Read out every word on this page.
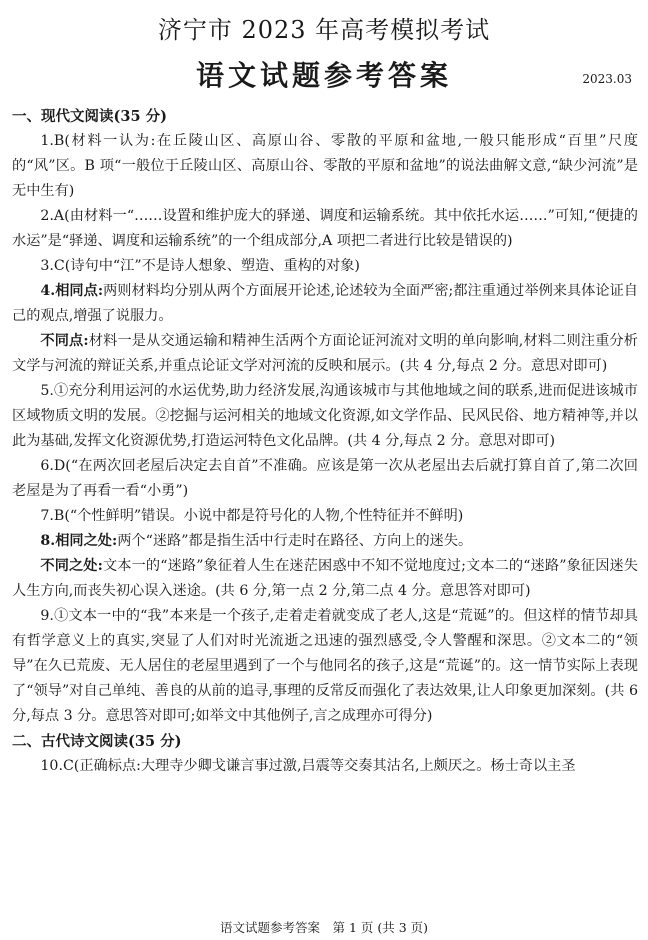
济宁市 2023 年高考模拟考试
语文试题参考答案	2023.03
一、现代文阅读(35 分)
1.B(材料一认为:在丘陵山区、高原山谷、零散的平原和盆地,一般只能形成“百里”尺度的“风”区。B 项“一般位于丘陵山区、高原山谷、零散的平原和盆地”的说法曲解文意,“缺少河流”是无中生有)
2.A(由材料一“……设置和维护庞大的驿递、调度和运输系统。其中依托水运……”可知,“便捷的水运”是“驿递、调度和运输系统”的一个组成部分,A 项把二者进行比较是错误的)
3.C(诗句中“江”不是诗人想象、塑造、重构的对象)
4.相同点:两则材料均分别从两个方面展开论述,论述较为全面严密;都注重通过举例来具体论证自己的观点,增强了说服力。
不同点:材料一是从交通运输和精神生活两个方面论证河流对文明的单向影响,材料二则注重分析文学与河流的辩证关系,并重点论证文学对河流的反映和展示。(共 4 分,每点 2 分。意思对即可)
5.①充分利用运河的水运优势,助力经济发展,沟通该城市与其他地域之间的联系,进而促进该城市区域物质文明的发展。②挖掘与运河相关的地域文化资源,如文学作品、民风民俗、地方精神等,并以此为基础,发挥文化资源优势,打造运河特色文化品牌。(共 4 分,每点 2 分。意思对即可)
6.D(“在两次回老屋后决定去自首”不准确。应该是第一次从老屋出去后就打算自首了,第二次回老屋是为了再看一看“小勇”)
7.B(“个性鲜明”错误。小说中都是符号化的人物,个性特征并不鲜明)
8.相同之处:两个“迷路”都是指生活中行走时在路径、方向上的迷失。
不同之处:文本一的“迷路”象征着人生在迷茫困惑中不知不觉地度过;文本二的“迷路”象征因迷失人生方向,而丧失初心误入迷途。(共 6 分,第一点 2 分,第二点 4 分。意思答对即可)
9.①文本一中的“我”本来是一个孩子,走着走着就变成了老人,这是“荒诞”的。但这样的情节却具有哲学意义上的真实,突显了人们对时光流逝之迅速的强烈感受,令人警醒和深思。②文本二的“领导”在久已荒废、无人居住的老屋里遇到了一个与他同名的孩子,这是“荒诞”的。这一情节实际上表现了“领导”对自己单纯、善良的从前的追寻,事理的反常反而强化了表达效果,让人印象更加深刻。(共 6 分,每点 3 分。意思答对即可;如举文中其他例子,言之成理亦可得分)
二、古代诗文阅读(35 分)
10.C(正确标点:大理寺少卿戈谦言事过激,吕震等交奏其沽名,上颇厌之。杨士奇以主圣
语文试题参考答案　第 1 页 (共 3 页)
